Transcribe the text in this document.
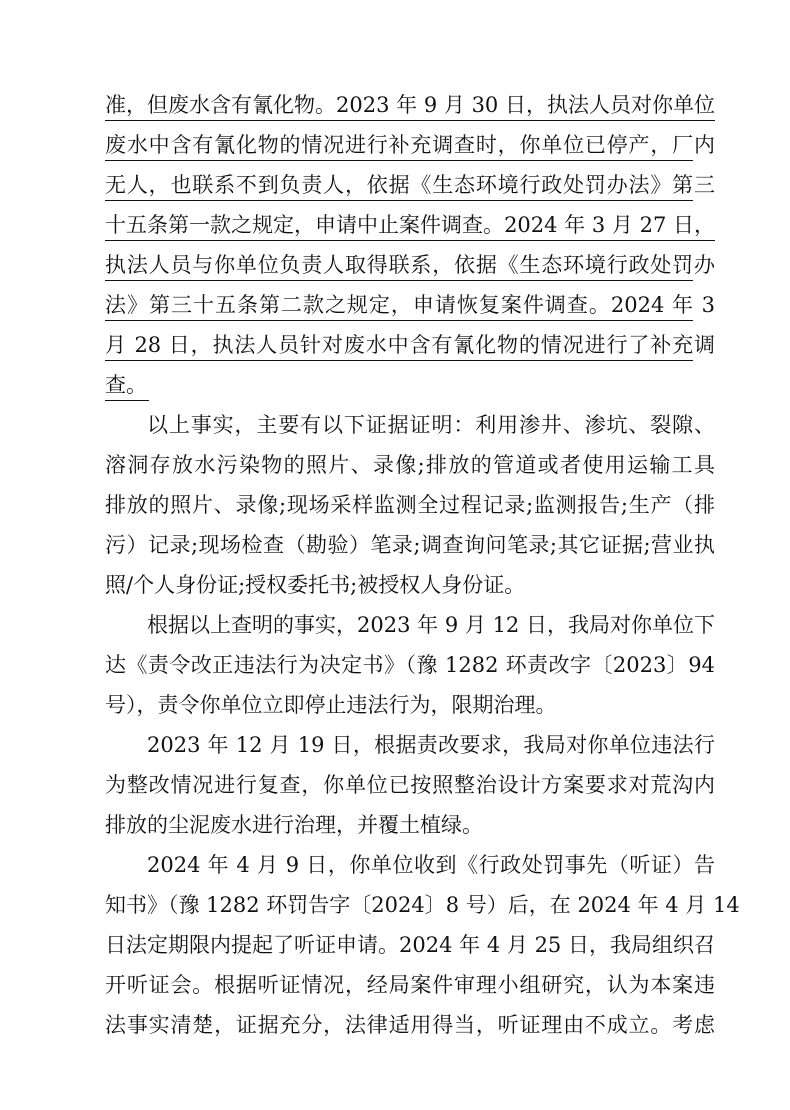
准，但废水含有氰化物。2023 年 9 月 30 日，执法人员对你单位
废水中含有氰化物的情况进行补充调查时，你单位已停产，厂内
无人，也联系不到负责人，依据《生态环境行政处罚办法》第三
十五条第一款之规定，申请中止案件调查。2024 年 3 月 27 日，
执法人员与你单位负责人取得联系，依据《生态环境行政处罚办
法》第三十五条第二款之规定，申请恢复案件调查。2024 年 3
月 28 日，执法人员针对废水中含有氰化物的情况进行了补充调
查。
以上事实，主要有以下证据证明：利用渗井、渗坑、裂隙、
溶洞存放水污染物的照片、录像;排放的管道或者使用运输工具
排放的照片、录像;现场采样监测全过程记录;监测报告;生产（排
污）记录;现场检查（勘验）笔录;调查询问笔录;其它证据;营业执
照/个人身份证;授权委托书;被授权人身份证。
根据以上查明的事实，2023 年 9 月 12 日，我局对你单位下
达《责令改正违法行为决定书》（豫 1282 环责改字〔2023〕94
号），责令你单位立即停止违法行为，限期治理。
2023 年 12 月 19 日，根据责改要求，我局对你单位违法行
为整改情况进行复查，你单位已按照整治设计方案要求对荒沟内
排放的尘泥废水进行治理，并覆土植绿。
2024 年 4 月 9 日，你单位收到《行政处罚事先（听证）告
知书》（豫 1282 环罚告字〔2024〕8 号）后，在 2024 年 4 月 14
日法定期限内提起了听证申请。2024 年 4 月 25 日，我局组织召
开听证会。根据听证情况，经局案件审理小组研究，认为本案违
法事实清楚，证据充分，法律适用得当，听证理由不成立。考虑
